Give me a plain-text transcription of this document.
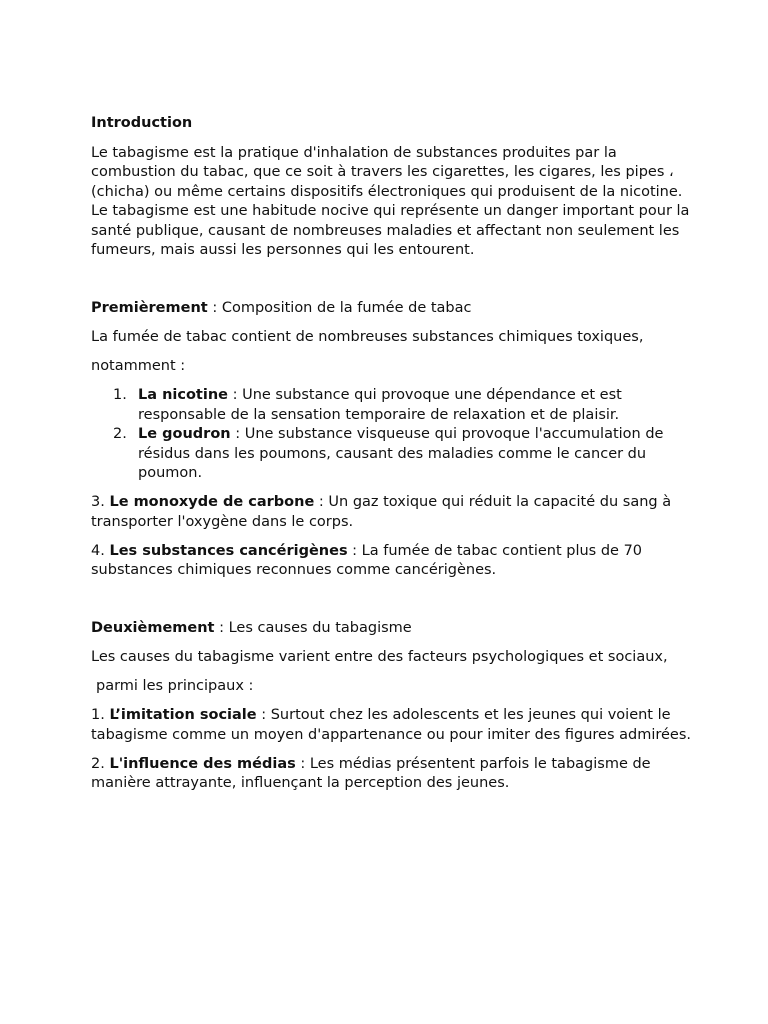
Introduction

Le tabagisme est la pratique d'inhalation de substances produites par la combustion du tabac, que ce soit à travers les cigarettes, les cigares, les pipes ، (chicha) ou même certains dispositifs électroniques qui produisent de la nicotine. Le tabagisme est une habitude nocive qui représente un danger important pour la santé publique, causant de nombreuses maladies et affectant non seulement les fumeurs, mais aussi les personnes qui les entourent.

Premièrement : Composition de la fumée de tabac

La fumée de tabac contient de nombreuses substances chimiques toxiques,

notamment :

1. La nicotine : Une substance qui provoque une dépendance et est responsable de la sensation temporaire de relaxation et de plaisir.
2. Le goudron : Une substance visqueuse qui provoque l'accumulation de résidus dans les poumons, causant des maladies comme le cancer du poumon.

3. Le monoxyde de carbone : Un gaz toxique qui réduit la capacité du sang à transporter l'oxygène dans le corps.

4. Les substances cancérigènes : La fumée de tabac contient plus de 70 substances chimiques reconnues comme cancérigènes.

Deuxièmement : Les causes du tabagisme

Les causes du tabagisme varient entre des facteurs psychologiques et sociaux,

parmi les principaux :

1. L’imitation sociale : Surtout chez les adolescents et les jeunes qui voient le tabagisme comme un moyen d'appartenance ou pour imiter des figures admirées.

2. L'influence des médias : Les médias présentent parfois le tabagisme de manière attrayante, influençant la perception des jeunes.
